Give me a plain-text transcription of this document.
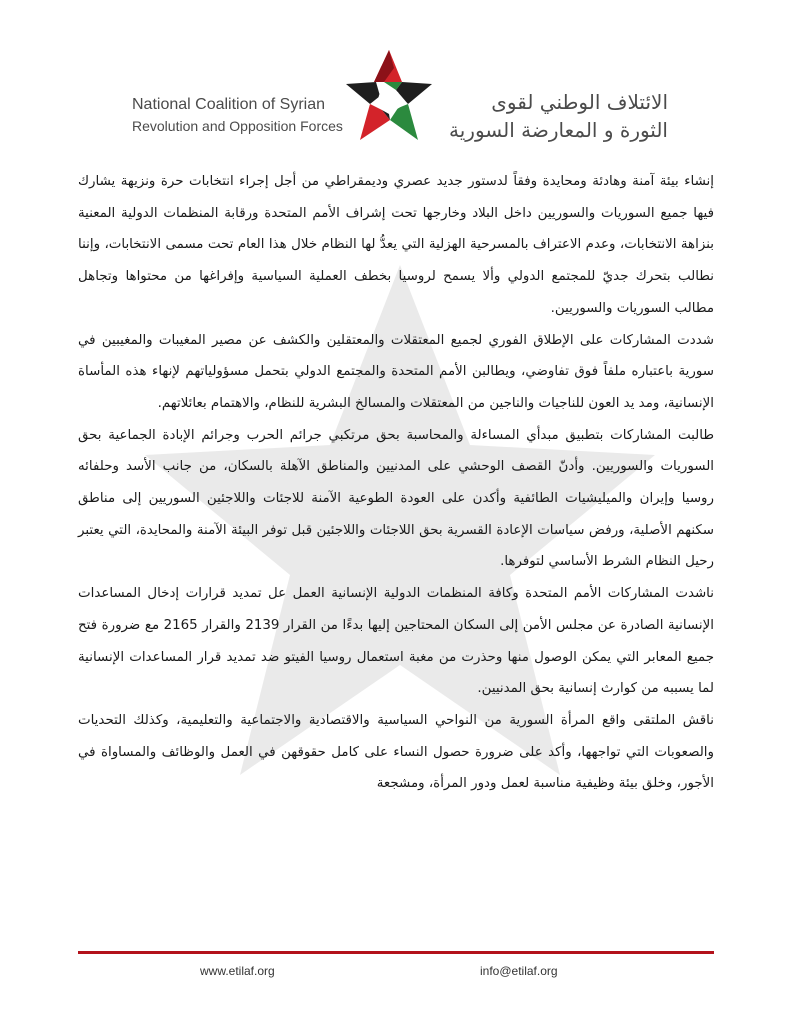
National Coalition of Syrian
Revolution and Opposition Forces
الائتلاف الوطني لقوى
الثورة و المعارضة السورية

إنشاء بيئة آمنة وهادئة ومحايدة وفقاً لدستور جديد عصري وديمقراطي من أجل إجراء انتخابات حرة ونزيهة يشارك فيها جميع السوريات والسوريين داخل البلاد وخارجها تحت إشراف الأمم المتحدة ورقابة المنظمات الدولية المعنية بنزاهة الانتخابات، وعدم الاعتراف بالمسرحية الهزلية التي يعدُّ لها النظام خلال هذا العام تحت مسمى الانتخابات، وإننا نطالب بتحرك جديّ للمجتمع الدولي وألا يسمح لروسيا بخطف العملية السياسية وإفراغها من محتواها وتجاهل مطالب السوريات والسوريين.

شددت المشاركات على الإطلاق الفوري لجميع المعتقلات والمعتقلين والكشف عن مصير المغيبات والمغيبين في سورية باعتباره ملفاً فوق تفاوضي، ويطالبن الأمم المتحدة والمجتمع الدولي بتحمل مسؤولياتهم لإنهاء هذه المأساة الإنسانية، ومد يد العون للناجيات والناجين من المعتقلات والمسالخ البشرية للنظام، والاهتمام بعائلاتهم.

طالبت المشاركات بتطبيق مبدأي المساءلة والمحاسبة بحق مرتكبي جرائم الحرب وجرائم الإبادة الجماعية بحق السوريات والسوريين. وأدنّ القصف الوحشي على المدنيين والمناطق الآهلة بالسكان، من جانب الأسد وحلفائه روسيا وإيران والميليشيات الطائفية وأكدن على العودة الطوعية الآمنة للاجئات واللاجئين السوريين إلى مناطق سكنهم الأصلية، ورفض سياسات الإعادة القسرية بحق اللاجئات واللاجئين قبل توفر البيئة الآمنة والمحايدة، التي يعتبر رحيل النظام الشرط الأساسي لتوفرها.

ناشدت المشاركات الأمم المتحدة وكافة المنظمات الدولية الإنسانية العمل عل تمديد قرارات إدخال المساعدات الإنسانية الصادرة عن مجلس الأمن إلى السكان المحتاجين إليها بدءًا من القرار 2139 والقرار 2165 مع ضرورة فتح جميع المعابر التي يمكن الوصول منها وحذرت من مغبة استعمال روسيا الفيتو ضد تمديد قرار المساعدات الإنسانية لما يسببه من كوارث إنسانية بحق المدنيين.

ناقش الملتقى واقع المرأة السورية من النواحي السياسية والاقتصادية والاجتماعية والتعليمية، وكذلك التحديات والصعوبات التي تواجهها، وأكد على ضرورة حصول النساء على كامل حقوقهن في العمل والوظائف والمساواة في الأجور، وخلق بيئة وظيفية مناسبة لعمل ودور المرأة، ومشجعة

www.etilaf.org	info@etilaf.org
